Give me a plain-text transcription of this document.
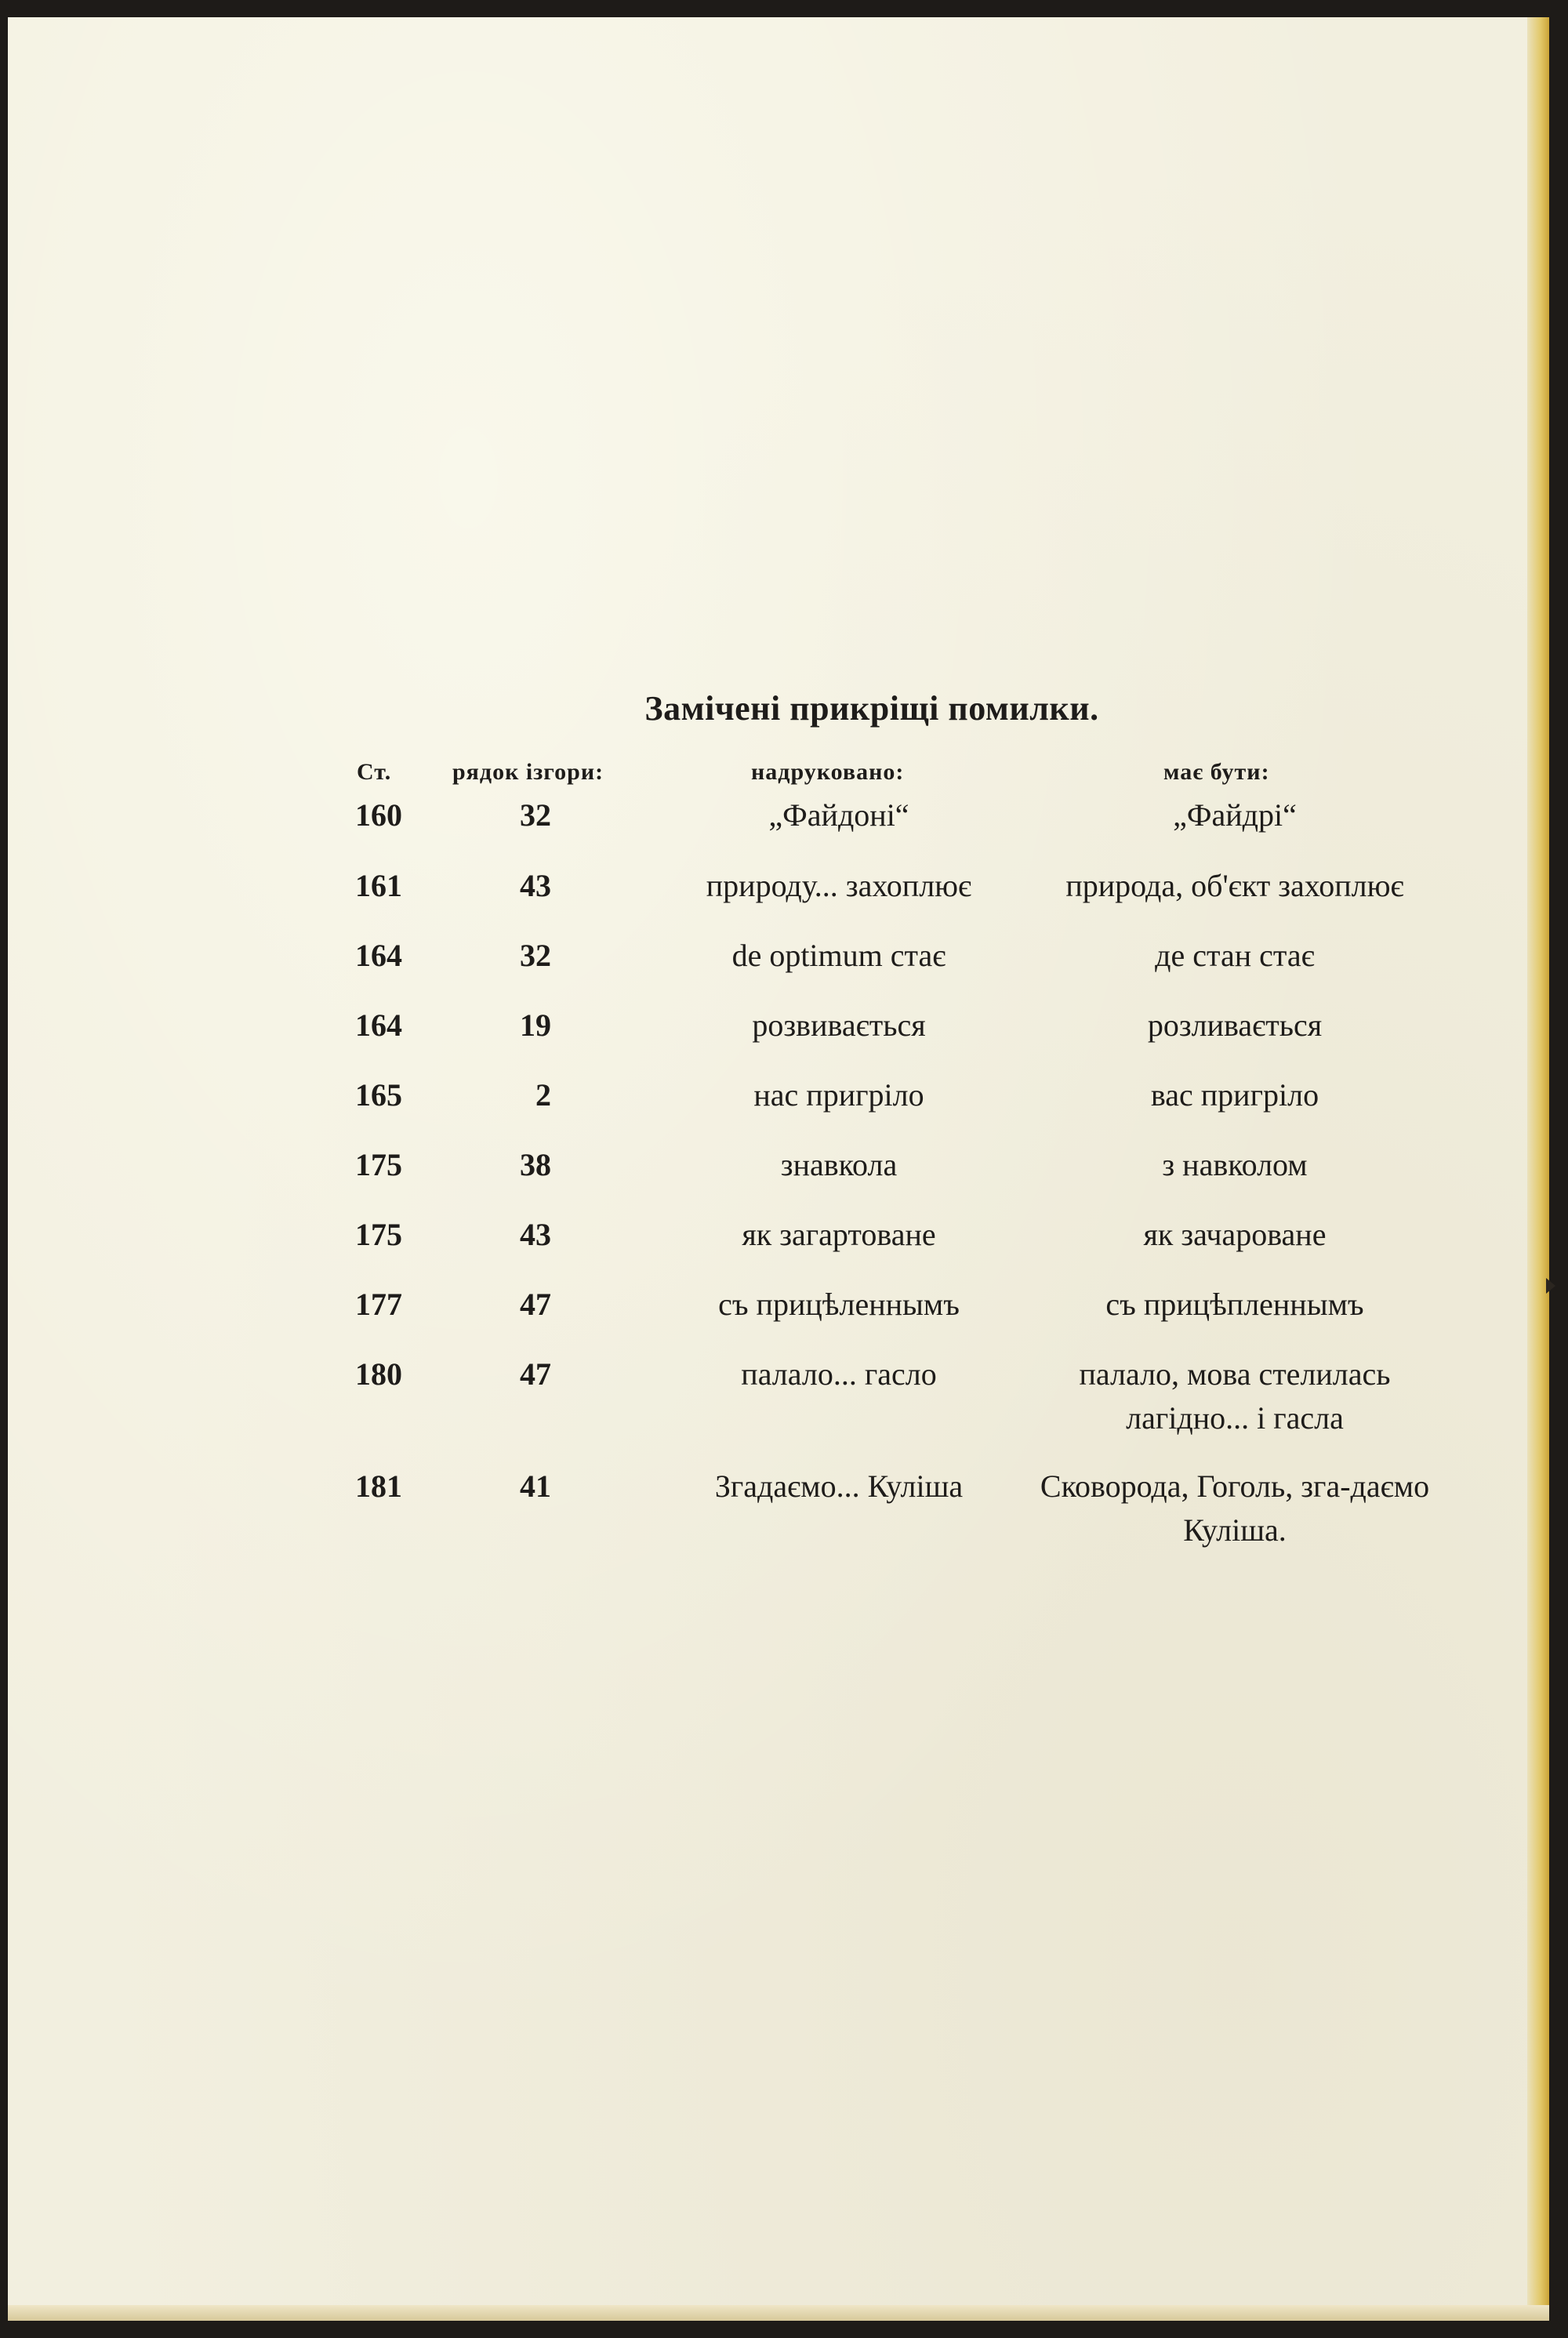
Замічені прикріщі помилки.
Ст.	рядок ізгори:	надруковано:	має бути:
160	32	„Файдоні“	„Файдрі“
161	43	природу... захоплює	природа, об'єкт захоплює
164	32	de optimum стає	де стан стає
164	19	розвивається	розливається
165	2	нас пригріло	вас пригріло
175	38	знавкола	з навколом
175	43	як загартоване	як зачароване
177	47	съ прицѣленнымъ	съ прицѣпленнымъ
180	47	палало... гасло	палало, мова стелилась лагідно... і гасла
181	41	Згадаємо... Куліша	Сковорода, Гоголь, зга-даємо Куліша.
